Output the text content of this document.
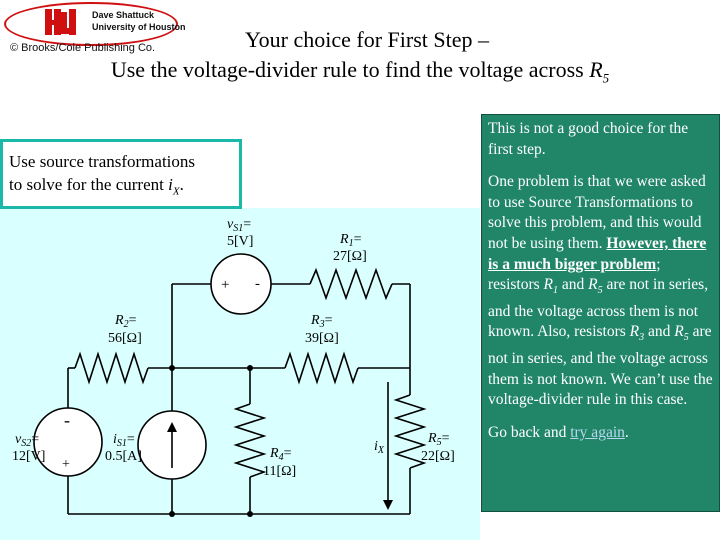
Dave Shattuck
University of Houston
© Brooks/Cole Publishing Co.	Your choice for First Step –
Use the voltage-divider rule to find the voltage across $R_5$
+ -
-
+
$v_{S1}=$
5[V]	$R_1=$
27[Ω]
$R_2=$
56[Ω]
$R_3=$
39[Ω]
$R_4=$
11[Ω]
$R_5=$
22[Ω]
$v_{S2}=$
12[V]
$i_{S1}=$
0.5[A]
$i_X$
Use source transformations
to solve for the current $i_X$.

This is not a good choice for the first step.

One problem is that we were asked to use Source Transformations to solve this problem, and this would not be using them. However, there is a much bigger problem; resistors $R_1$ and $R_5$ are not in series, and the voltage across them is not known. Also, resistors $R_3$ and $R_5$ are not in series, and the voltage across them is not known. We can’t use the voltage-divider rule in this case.

Go back and try again.
